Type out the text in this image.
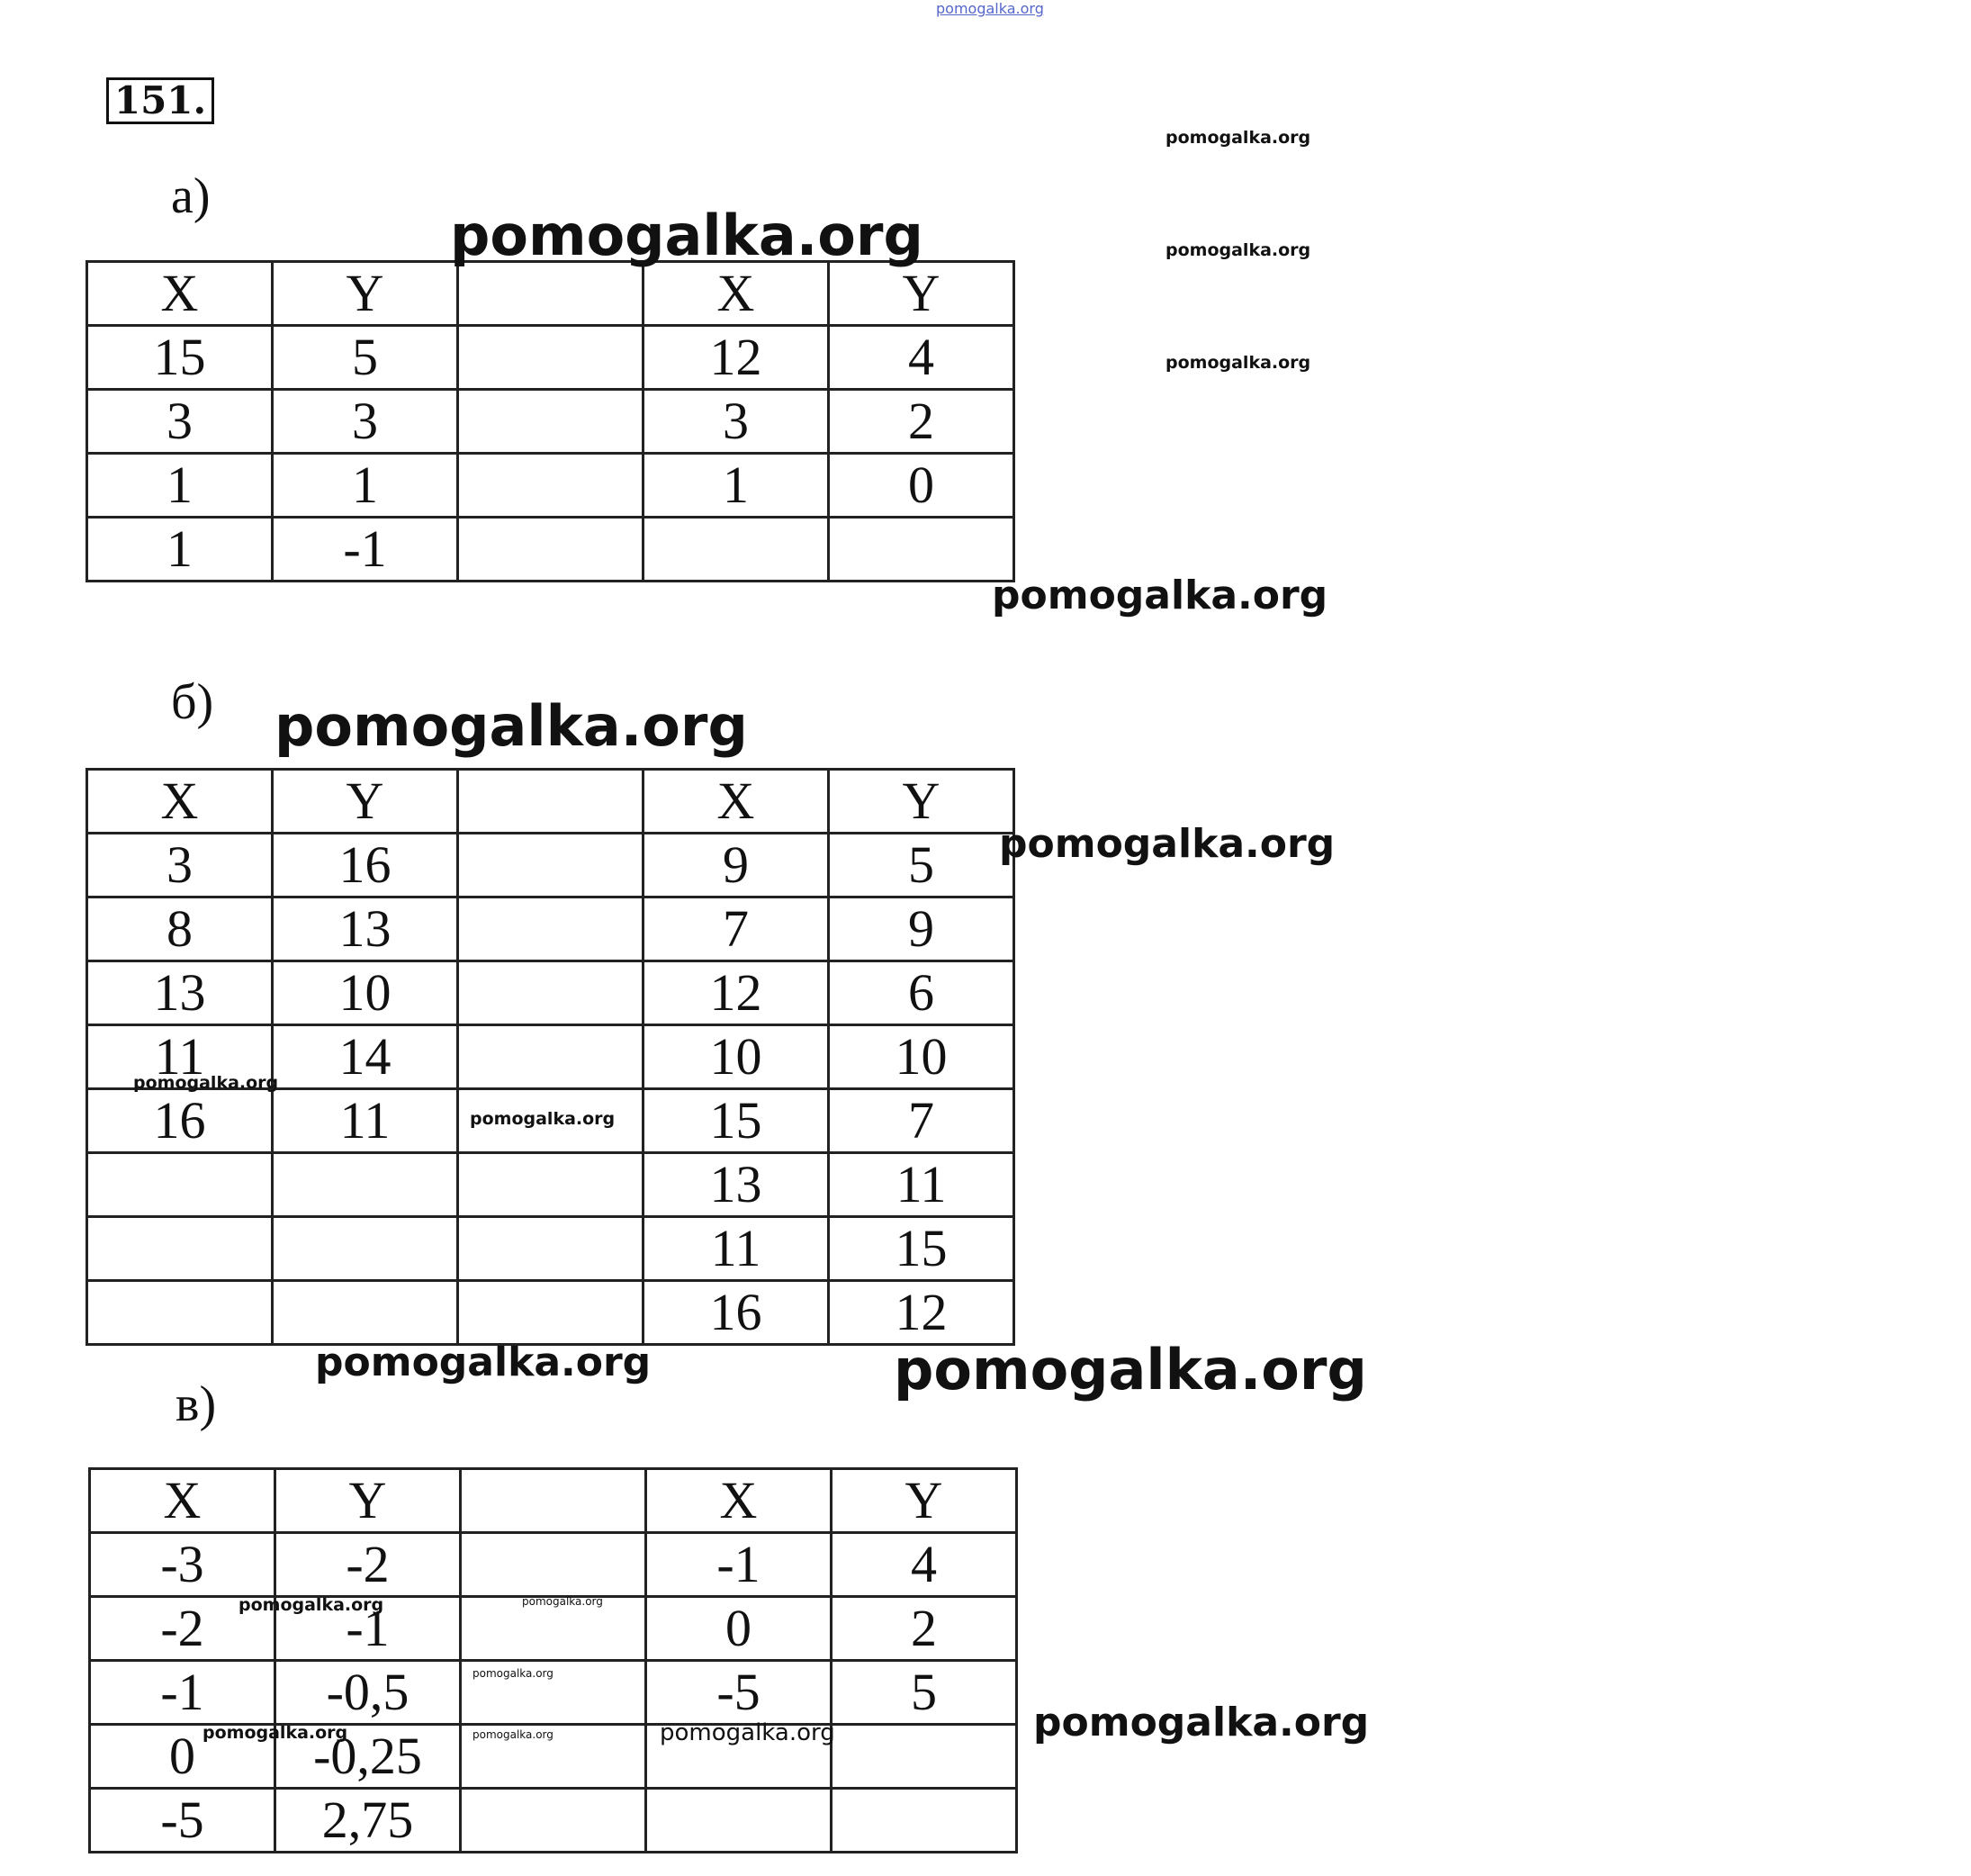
pomogalka.org
151.
pomogalka.org
pomogalka.org
pomogalka.org
а)
X	Y		X	Y
15	5		12	4
3	3		3	2
1	1		1	0
1	-1			
pomogalka.org
pomogalka.org
б) pomogalka.org
X	Y		X	Y
3	16		9	5
8	13		7	9
13	10		12	6
11	14		10	10
16	11		15	7
			13	11
			11	15
			16	12
pomogalka.org
pomogalka.org
pomogalka.org
pomogalka.org	pomogalka.org
в)
X	Y		X	Y
-3	-2		-1	4
-2	-1		0	2
-1	-0,5		-5	5
0	-0,25			
-5	2,75			
pomogalka.org	pomogalka.org
pomogalka.org
pomogalka.org
pomogalka.org	pomogalka.org	pomogalka.org
